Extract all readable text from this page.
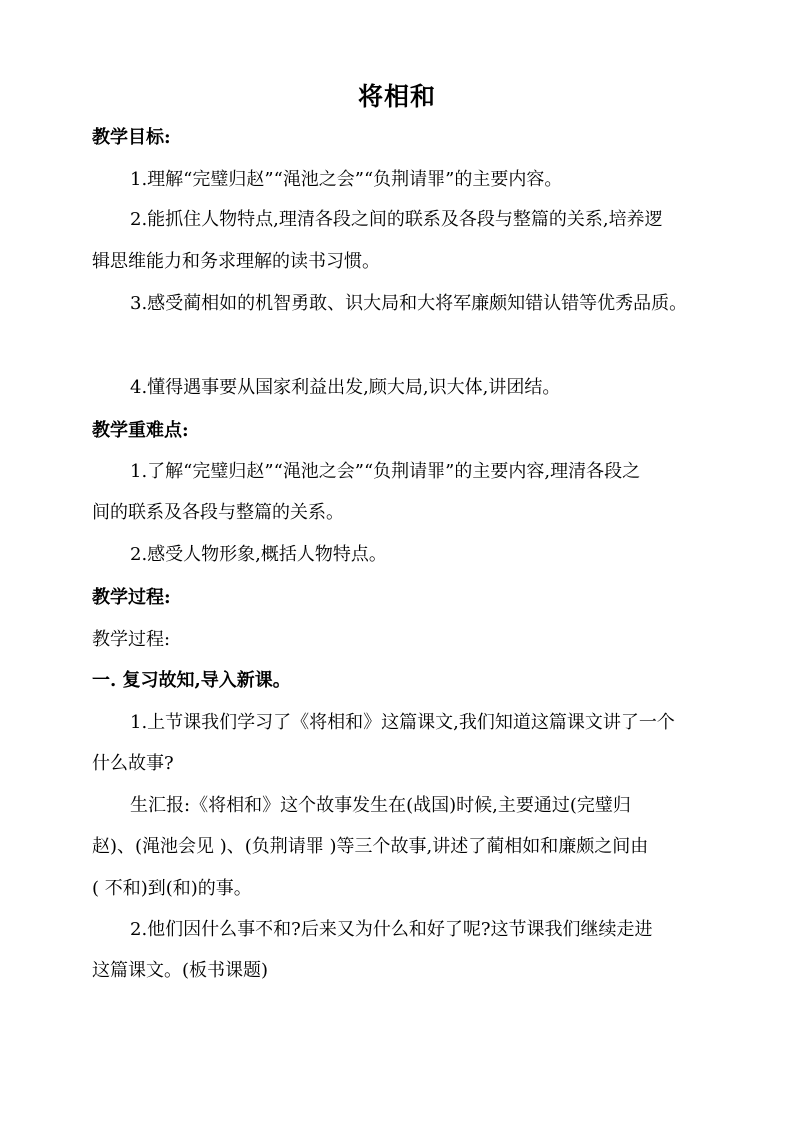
将相和
教学目标:
1.理解“完璧归赵”“渑池之会”“负荆请罪”的主要内容。
2.能抓住人物特点,理清各段之间的联系及各段与整篇的关系,培养逻
辑思维能力和务求理解的读书习惯。
3.感受蔺相如的机智勇敢、识大局和大将军廉颇知错认错等优秀品质。
4.懂得遇事要从国家利益出发,顾大局,识大体,讲团结。
教学重难点:
1.了解“完璧归赵”“渑池之会”“负荆请罪”的主要内容,理清各段之
间的联系及各段与整篇的关系。
2.感受人物形象,概括人物特点。
教学过程:
教学过程:
一. 复习故知,导入新课。
1.上节课我们学习了《将相和》这篇课文,我们知道这篇课文讲了一个
什么故事?
生汇报:《将相和》这个故事发生在(战国)时候,主要通过(完璧归
赵)、(渑池会见 )、(负荆请罪 )等三个故事,讲述了蔺相如和廉颇之间由
( 不和)到(和)的事。
2.他们因什么事不和?后来又为什么和好了呢?这节课我们继续走进
这篇课文。(板书课题)
